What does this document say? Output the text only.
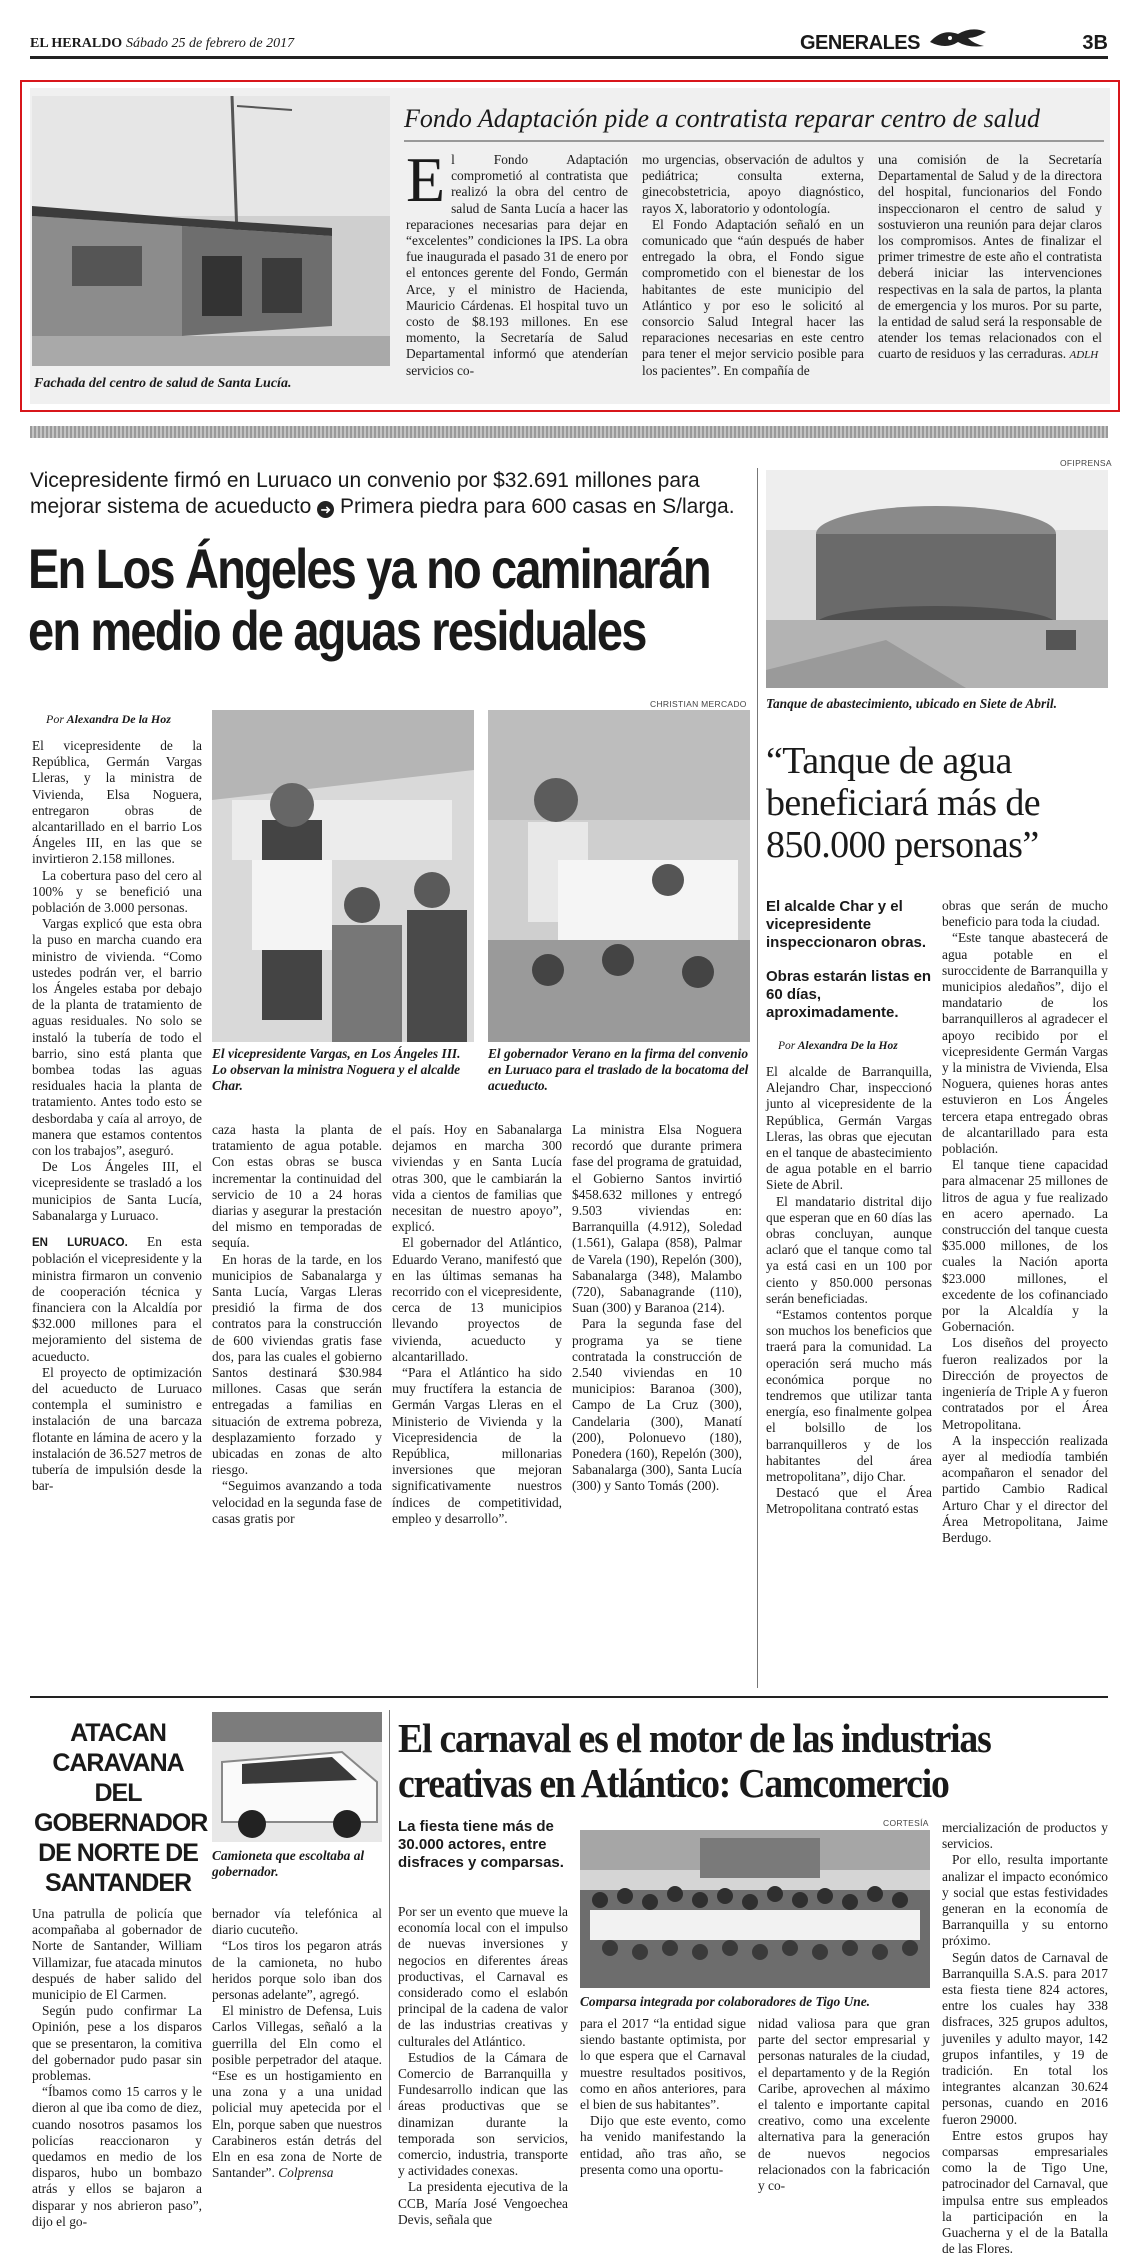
EL HERALDO Sábado 25 de febrero de 2017	GENERALES	3B
Fachada del centro de salud de Santa Lucía.
Fondo Adaptación pide a contratista reparar centro de salud

El Fondo Adaptación comprometió al contratista que realizó la obra del centro de salud de Santa Lucía a hacer las reparaciones necesarias para dejar en “excelentes” condiciones la IPS. La obra fue inaugurada el pasado 31 de enero por el entonces gerente del Fondo, Germán Arce, y el ministro de Hacienda, Mauricio Cárdenas. El hospital tuvo un costo de $8.193 millones. En ese momento, la Secretaría de Salud Departamental informó que atenderían servicios co-

mo urgencias, observación de adultos y pediátrica; consulta externa, ginecobstetricia, apoyo diagnóstico, rayos X, laboratorio y odontología.

El Fondo Adaptación señaló en un comunicado que “aún después de haber entregado la obra, el Fondo sigue comprometido con el bienestar de los habitantes de este municipio del Atlántico y por eso le solicitó al consorcio Salud Integral hacer las reparaciones necesarias en este centro para tener el mejor servicio posible para los pacientes”. En compañía de

una comisión de la Secretaría Departamental de Salud y de la directora del hospital, funcionarios del Fondo inspeccionaron el centro de salud y sostuvieron una reunión para dejar claros los compromisos. Antes de finalizar el primer trimestre de este año el contratista deberá iniciar las intervenciones respectivas en la sala de partos, la planta de emergencia y los muros. Por su parte, la entidad de salud será la responsable de atender los temas relacionados con el cuarto de residuos y las cerraduras. ADLH

Vicepresidente firmó en Luruaco un convenio por $32.691 millones para mejorar sistema de acueducto ➜ Primera piedra para 600 casas en S/larga.
En Los Ángeles ya no caminarán
en medio de aguas residuales
Por Alexandra De la Hoz
CHRISTIAN MERCADO
El vicepresidente Vargas, en Los Ángeles III. Lo observan la ministra Noguera y el alcalde Char.
El gobernador Verano en la firma del convenio en Luruaco para el traslado de la bocatoma del acueducto.

El vicepresidente de la República, Germán Vargas Lleras, y la ministra de Vivienda, Elsa Noguera, entregaron obras de alcantarillado en el barrio Los Ángeles III, en las que se invirtieron 2.158 millones.

La cobertura paso del cero al 100% y se benefició una población de 3.000 personas.

Vargas explicó que esta obra la puso en marcha cuando era ministro de vivienda. “Como ustedes podrán ver, el barrio los Ángeles estaba por debajo de la planta de tratamiento de aguas residuales. No solo se instaló la tubería de todo el barrio, sino está planta que bombea todas las aguas residuales hacia la planta de tratamiento. Antes todo esto se desbordaba y caía al arroyo, de manera que estamos contentos con los trabajos”, aseguró.

De Los Ángeles III, el vicepresidente se trasladó a los municipios de Santa Lucía, Sabanalarga y Luruaco.

EN LURUACO. En esta población el vicepresidente y la ministra firmaron un convenio de cooperación técnica y financiera con la Alcaldía por $32.000 millones para el mejoramiento del sistema de acueducto.

El proyecto de optimización del acueducto de Luruaco contempla el suministro e instalación de una barcaza flotante en lámina de acero y la instalación de 36.527 metros de tubería de impulsión desde la bar-

caza hasta la planta de tratamiento de agua potable. Con estas obras se busca incrementar la continuidad del servicio de 10 a 24 horas diarias y asegurar la prestación del mismo en temporadas de sequía.

En horas de la tarde, en los municipios de Sabanalarga y Santa Lucía, Vargas Lleras presidió la firma de dos contratos para la construcción de 600 viviendas gratis fase dos, para las cuales el gobierno Santos destinará $30.984 millones. Casas que serán entregadas a familias en situación de extrema pobreza, desplazamiento forzado y ubicadas en zonas de alto riesgo.

“Seguimos avanzando a toda velocidad en la segunda fase de casas gratis por

el país. Hoy en Sabanalarga dejamos en marcha 300 viviendas y en Santa Lucía otras 300, que le cambiarán la vida a cientos de familias que necesitan de nuestro apoyo”, explicó.

El gobernador del Atlántico, Eduardo Verano, manifestó que en las últimas semanas ha recorrido con el vicepresidente, cerca de 13 municipios llevando proyectos de vivienda, acueducto y alcantarillado.

“Para el Atlántico ha sido muy fructífera la estancia de Germán Vargas Lleras en el Ministerio de Vivienda y la Vicepresidencia de la República, millonarias inversiones que mejoran significativamente nuestros índices de competitividad, empleo y desarrollo”.

La ministra Elsa Noguera recordó que durante primera fase del programa de gratuidad, el Gobierno Santos invirtió $458.632 millones y entregó 9.503 viviendas en: Barranquilla (4.912), Soledad (1.561), Galapa (858), Palmar de Varela (190), Repelón (300), Sabanalarga (348), Malambo (720), Sabanagrande (110), Suan (300) y Baranoa (214).

Para la segunda fase del programa ya se tiene contratada la construcción de 2.540 viviendas en 10 municipios: Baranoa (300), Campo de La Cruz (300), Candelaria (300), Manatí (200), Polonuevo (180), Ponedera (160), Repelón (300), Sabanalarga (300), Santa Lucía (300) y Santo Tomás (200).

OFIPRENSA
Tanque de abastecimiento, ubicado en Siete de Abril.
“Tanque de agua beneficiará más de 850.000 personas”
El alcalde Char y el vicepresidente inspeccionaron obras.
Obras estarán listas en 60 días, aproximadamente.
Por Alexandra De la Hoz

El alcalde de Barranquilla, Alejandro Char, inspeccionó junto al vicepresidente de la República, Germán Vargas Lleras, las obras que ejecutan en el tanque de abastecimiento de agua potable en el barrio Siete de Abril.

El mandatario distrital dijo que esperan que en 60 días las obras concluyan, aunque aclaró que el tanque como tal ya está casi en un 100 por ciento y 850.000 personas serán beneficiadas.

“Estamos contentos porque son muchos los beneficios que traerá para la comunidad. La operación será mucho más económica porque no tendremos que utilizar tanta energía, eso finalmente golpea el bolsillo de los barranquilleros y de los habitantes del área metropolitana”, dijo Char.

Destacó que el Área Metropolitana contrató estas

obras que serán de mucho beneficio para toda la ciudad.

“Este tanque abastecerá de agua potable en el suroccidente de Barranquilla y municipios aledaños”, dijo el mandatario de los barranquilleros al agradecer el apoyo recibido por el vicepresidente Germán Vargas y la ministra de Vivienda, Elsa Noguera, quienes horas antes estuvieron en Los Ángeles tercera etapa entregado obras de alcantarillado para esta población.

El tanque tiene capacidad para almacenar 25 millones de litros de agua y fue realizado en acero apernado. La construcción del tanque cuesta $35.000 millones, de los cuales la Nación aporta $23.000 millones, el excedente de los cofinanciado por la Alcaldía y la Gobernación.

Los diseños del proyecto fueron realizados por la Dirección de proyectos de ingeniería de Triple A y fueron contratados por el Área Metropolitana.

A la inspección realizada ayer al mediodía también acompañaron el senador del partido Cambio Radical Arturo Char y el director del Área Metropolitana, Jaime Berdugo.

ATACAN CARAVANA DEL GOBERNADOR DE NORTE DE SANTANDER
Camioneta que escoltaba al gobernador.

Una patrulla de policía que acompañaba al gobernador de Norte de Santander, William Villamizar, fue atacada minutos después de haber salido del municipio de El Carmen.

Según pudo confirmar La Opinión, pese a los disparos que se presentaron, la comitiva del gobernador pudo pasar sin problemas.

“Íbamos como 15 carros y le dieron al que iba como de diez, cuando nosotros pasamos los policías reaccionaron y quedamos en medio de los disparos, hubo un bombazo atrás y ellos se bajaron a disparar y nos abrieron paso”, dijo el go-

bernador vía telefónica al diario cucuteño.

“Los tiros los pegaron atrás de la camioneta, no hubo heridos porque solo iban dos personas adelante”, agregó.

El ministro de Defensa, Luis Carlos Villegas, señaló a la guerrilla del Eln como el posible perpetrador del ataque. “Ese es un hostigamiento en una zona y a una unidad policial muy apetecida por el Eln, porque saben que nuestros Carabineros están detrás del Eln en esa zona de Norte de Santander”. Colprensa

El carnaval es el motor de las industrias creativas en Atlántico: Camcomercio
La fiesta tiene más de 30.000 actores, entre disfraces y comparsas.
CORTESÍA
Comparsa integrada por colaboradores de Tigo Une.

Por ser un evento que mueve la economía local con el impulso de nuevas inversiones y negocios en diferentes áreas productivas, el Carnaval es considerado como el eslabón principal de la cadena de valor de las industrias creativas y culturales del Atlántico.

Estudios de la Cámara de Comercio de Barranquilla y Fundesarrollo indican que las áreas productivas que se dinamizan durante la temporada son servicios, comercio, industria, transporte y actividades conexas.

La presidenta ejecutiva de la CCB, María José Vengoechea Devis, señala que

para el 2017 “la entidad sigue siendo bastante optimista, por lo que espera que el Carnaval muestre resultados positivos, como en años anteriores, para el bien de sus habitantes”.

Dijo que este evento, como ha venido manifestando la entidad, año tras año, se presenta como una oportu-

nidad valiosa para que gran parte del sector empresarial y personas naturales de la ciudad, el departamento y de la Región Caribe, aprovechen al máximo el talento e importante capital creativo, como una excelente alternativa para la generación de nuevos negocios relacionados con la fabricación y co-

mercialización de productos y servicios.

Por ello, resulta importante analizar el impacto económico y social que estas festividades generan en la economía de Barranquilla y su entorno próximo.

Según datos de Carnaval de Barranquilla S.A.S. para 2017 esta fiesta tiene 824 actores, entre los cuales hay 338 disfraces, 325 grupos adultos, juveniles y adulto mayor, 142 grupos infantiles, y 19 de tradición. En total los integrantes alcanzan 30.624 personas, cuando en 2016 fueron 29000.

Entre estos grupos hay comparsas empresariales como la de Tigo Une, patrocinador del Carnaval, que impulsa entre sus empleados la participación en la Guacherna y el de la Batalla de las Flores.
